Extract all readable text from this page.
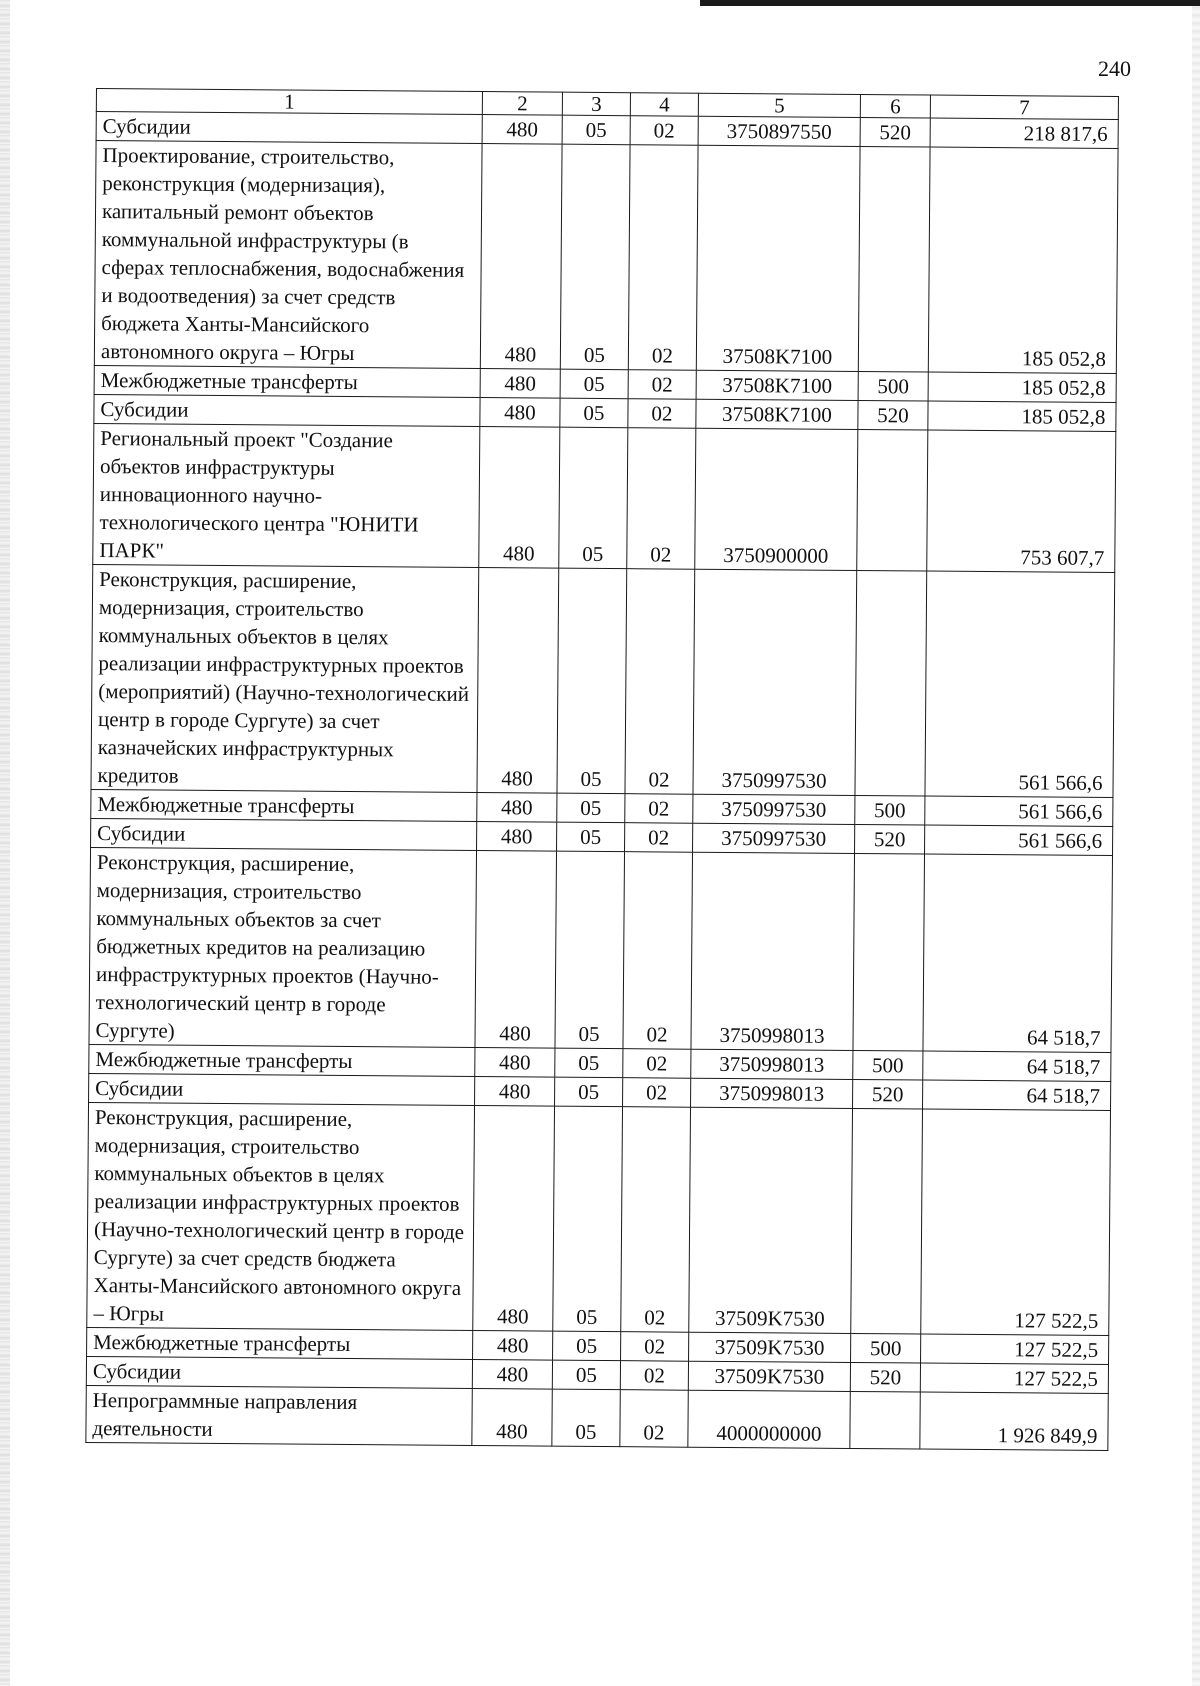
240
1	2	3	4	5	6	7
Субсидии	480	05	02	3750897550	520	218 817,6
Проектирование, строительство, реконструкция (модернизация), капитальный ремонт объектов коммунальной инфраструктуры (в сферах теплоснабжения, водоснабжения и водоотведения) за счет средств бюджета Ханты-Мансийского автономного округа – Югры	480	05	02	37508K7100		185 052,8
Межбюджетные трансферты	480	05	02	37508K7100	500	185 052,8
Субсидии	480	05	02	37508K7100	520	185 052,8
Региональный проект "Создание объектов инфраструктуры инновационного научно-технологического центра "ЮНИТИ ПАРК"	480	05	02	3750900000		753 607,7
Реконструкция, расширение, модернизация, строительство коммунальных объектов в целях реализации инфраструктурных проектов (мероприятий) (Научно-технологический центр в городе Сургуте) за счет казначейских инфраструктурных кредитов	480	05	02	3750997530		561 566,6
Межбюджетные трансферты	480	05	02	3750997530	500	561 566,6
Субсидии	480	05	02	3750997530	520	561 566,6
Реконструкция, расширение, модернизация, строительство коммунальных объектов за счет бюджетных кредитов на реализацию инфраструктурных проектов (Научно-технологический центр в городе Сургуте)	480	05	02	3750998013		64 518,7
Межбюджетные трансферты	480	05	02	3750998013	500	64 518,7
Субсидии	480	05	02	3750998013	520	64 518,7
Реконструкция, расширение, модернизация, строительство коммунальных объектов в целях реализации инфраструктурных проектов (Научно-технологический центр в городе Сургуте) за счет средств бюджета Ханты-Мансийского автономного округа – Югры	480	05	02	37509K7530		127 522,5
Межбюджетные трансферты	480	05	02	37509K7530	500	127 522,5
Субсидии	480	05	02	37509K7530	520	127 522,5
Непрограммные направления деятельности	480	05	02	4000000000		1 926 849,9
